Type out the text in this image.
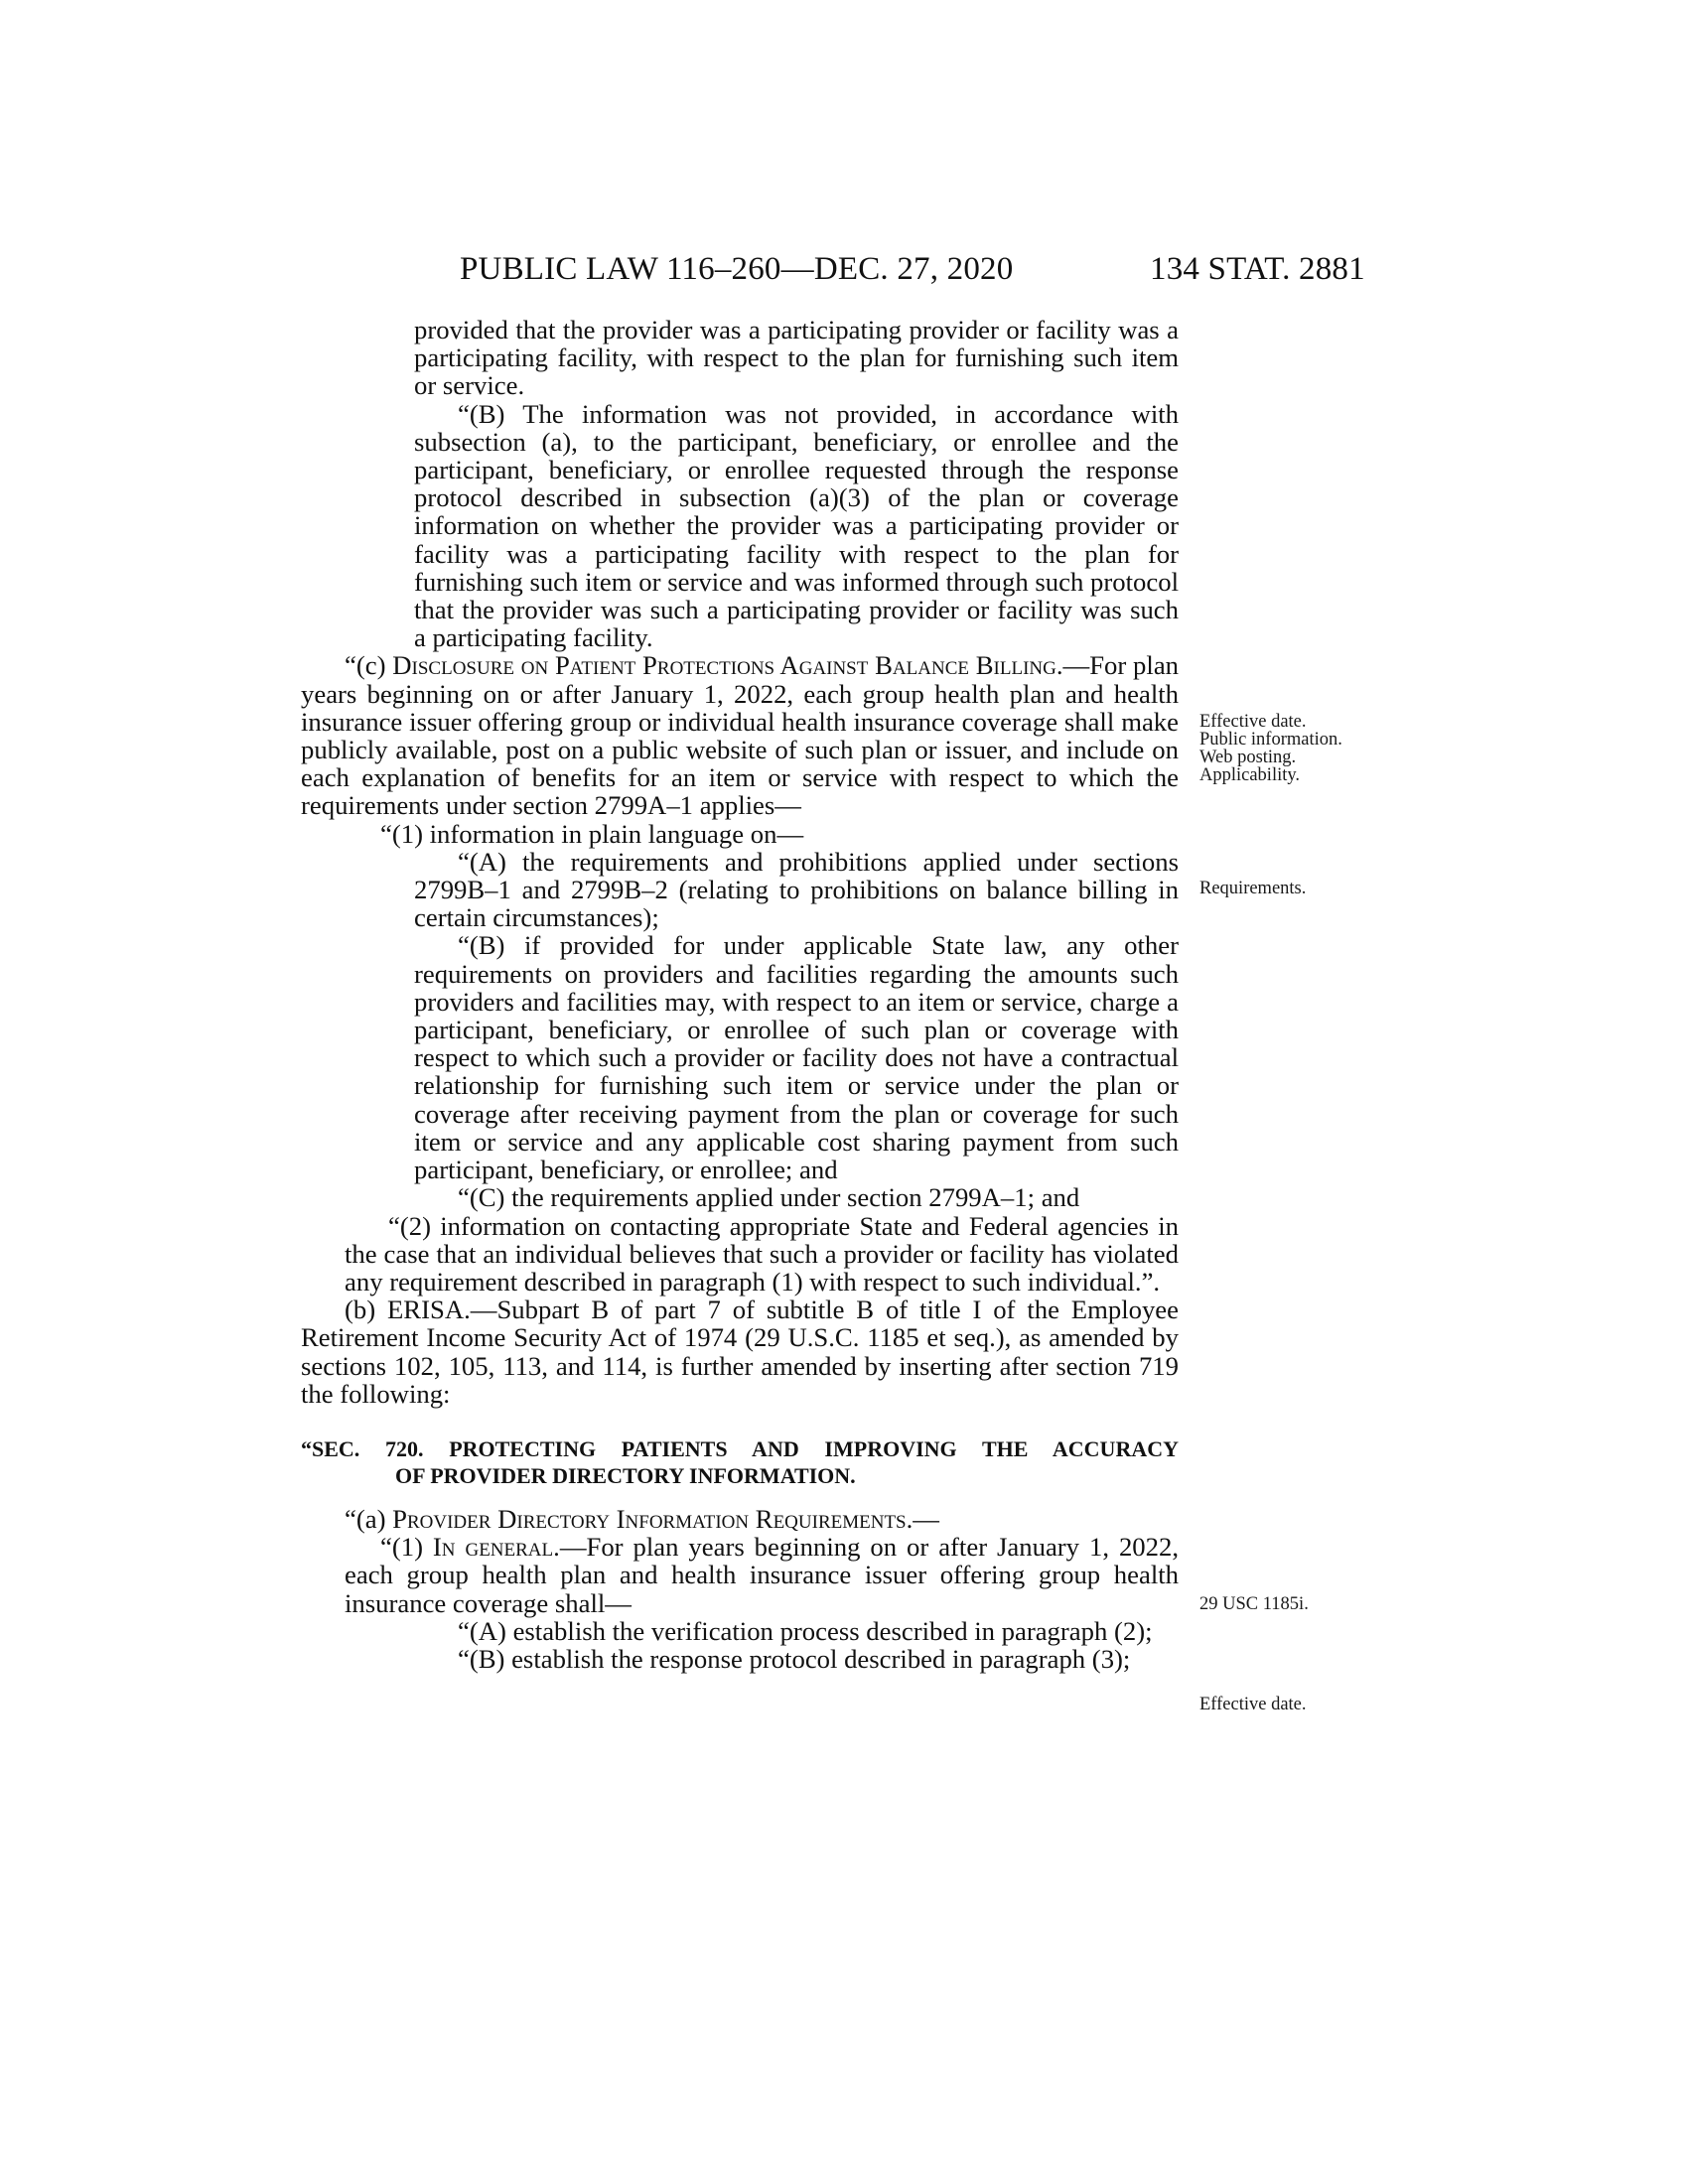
PUBLIC LAW 116–260—DEC. 27, 2020	134 STAT. 2881

provided that the provider was a participating provider or facility was a participating facility, with respect to the plan for furnishing such item or service.

“(B) The information was not provided, in accordance with subsection (a), to the participant, beneficiary, or enrollee and the participant, beneficiary, or enrollee requested through the response protocol described in subsection (a)(3) of the plan or coverage information on whether the provider was a participating provider or facility was a participating facility with respect to the plan for furnishing such item or service and was informed through such protocol that the provider was such a participating provider or facility was such a participating facility.

“(c) Disclosure on Patient Protections Against Balance Billing.—For plan years beginning on or after January 1, 2022, each group health plan and health insurance issuer offering group or individual health insurance coverage shall make publicly available, post on a public website of such plan or issuer, and include on each explanation of benefits for an item or service with respect to which the requirements under section 2799A–1 applies—

“(1) information in plain language on—

“(A) the requirements and prohibitions applied under sections 2799B–1 and 2799B–2 (relating to prohibitions on balance billing in certain circumstances);

“(B) if provided for under applicable State law, any other requirements on providers and facilities regarding the amounts such providers and facilities may, with respect to an item or service, charge a participant, beneficiary, or enrollee of such plan or coverage with respect to which such a provider or facility does not have a contractual relationship for furnishing such item or service under the plan or coverage after receiving payment from the plan or coverage for such item or service and any applicable cost sharing payment from such participant, beneficiary, or enrollee; and

“(C) the requirements applied under section 2799A–1; and

“(2) information on contacting appropriate State and Federal agencies in the case that an individual believes that such a provider or facility has violated any requirement described in paragraph (1) with respect to such individual.”.

(b) ERISA.—Subpart B of part 7 of subtitle B of title I of the Employee Retirement Income Security Act of 1974 (29 U.S.C. 1185 et seq.), as amended by sections 102, 105, 113, and 114, is further amended by inserting after section 719 the following:

“SEC. 720. PROTECTING PATIENTS AND IMPROVING THE ACCURACY
OF PROVIDER DIRECTORY INFORMATION.

“(a) Provider Directory Information Requirements.—

“(1) In general.—For plan years beginning on or after January 1, 2022, each group health plan and health insurance issuer offering group health insurance coverage shall—

“(A) establish the verification process described in paragraph (2);

“(B) establish the response protocol described in paragraph (3);

Effective date.
Public information.
Web posting.
Applicability.
Requirements.
29 USC 1185i.
Effective date.
